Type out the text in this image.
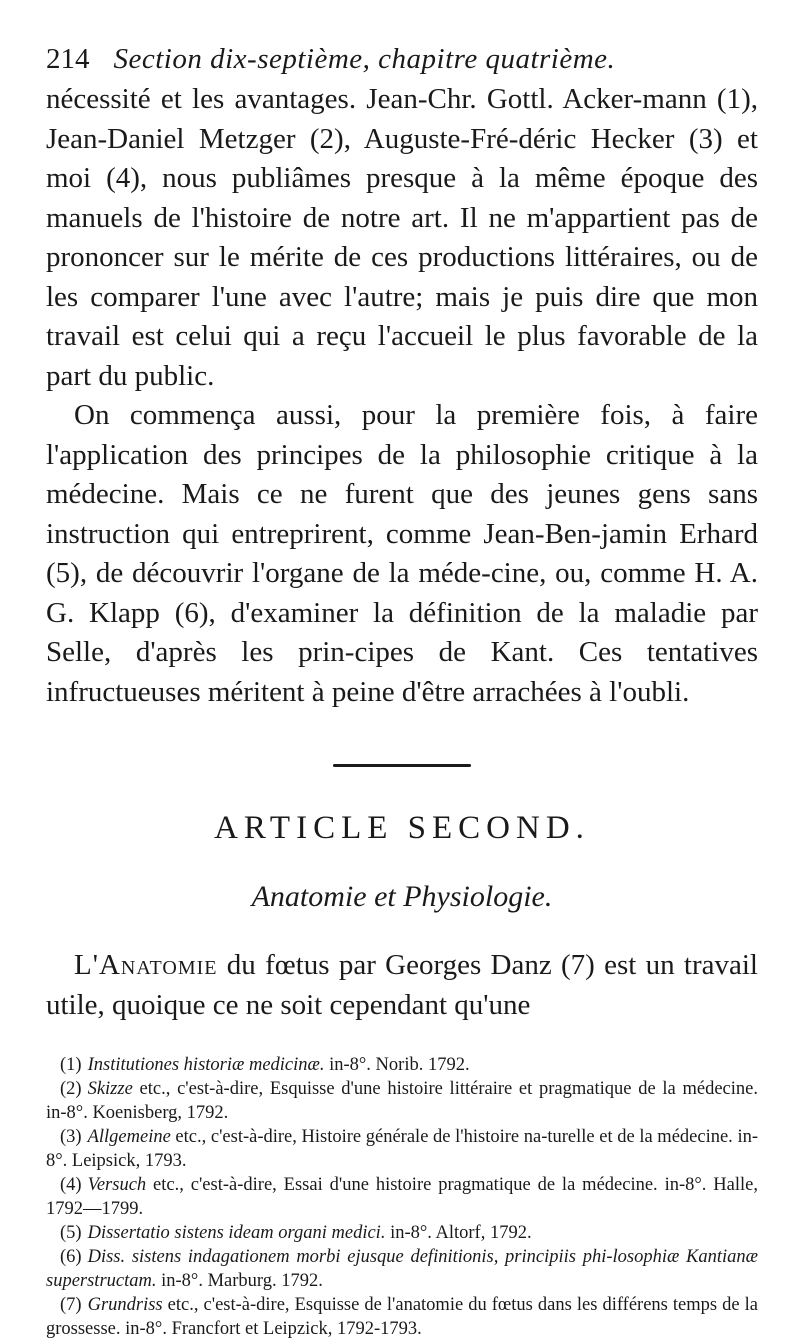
214 Section dix-septième, chapitre quatrième.

nécessité et les avantages. Jean-Chr. Gottl. Acker-mann (1), Jean-Daniel Metzger (2), Auguste-Fré-déric Hecker (3) et moi (4), nous publiâmes presque à la même époque des manuels de l'histoire de notre art. Il ne m'appartient pas de prononcer sur le mérite de ces productions littéraires, ou de les comparer l'une avec l'autre; mais je puis dire que mon travail est celui qui a reçu l'accueil le plus favorable de la part du public.

On commença aussi, pour la première fois, à faire l'application des principes de la philosophie critique à la médecine. Mais ce ne furent que des jeunes gens sans instruction qui entreprirent, comme Jean-Ben-jamin Erhard (5), de découvrir l'organe de la méde-cine, ou, comme H. A. G. Klapp (6), d'examiner la définition de la maladie par Selle, d'après les prin-cipes de Kant. Ces tentatives infructueuses méritent à peine d'être arrachées à l'oubli.

ARTICLE SECOND.
Anatomie et Physiologie.

L'Anatomie du fœtus par Georges Danz (7) est un travail utile, quoique ce ne soit cependant qu'une

(1) Institutiones historiæ medicinæ. in-8°. Norib. 1792.

(2) Skizze etc., c'est-à-dire, Esquisse d'une histoire littéraire et pragmatique de la médecine. in-8°. Koenisberg, 1792.

(3) Allgemeine etc., c'est-à-dire, Histoire générale de l'histoire na-turelle et de la médecine. in-8°. Leipsick, 1793.

(4) Versuch etc., c'est-à-dire, Essai d'une histoire pragmatique de la médecine. in-8°. Halle, 1792—1799.

(5) Dissertatio sistens ideam organi medici. in-8°. Altorf, 1792.

(6) Diss. sistens indagationem morbi ejusque definitionis, principiis phi-losophiæ Kantianæ superstructam. in-8°. Marburg. 1792.

(7) Grundriss etc., c'est-à-dire, Esquisse de l'anatomie du fœtus dans les différens temps de la grossesse. in-8°. Francfort et Leipzick, 1792-1793.
